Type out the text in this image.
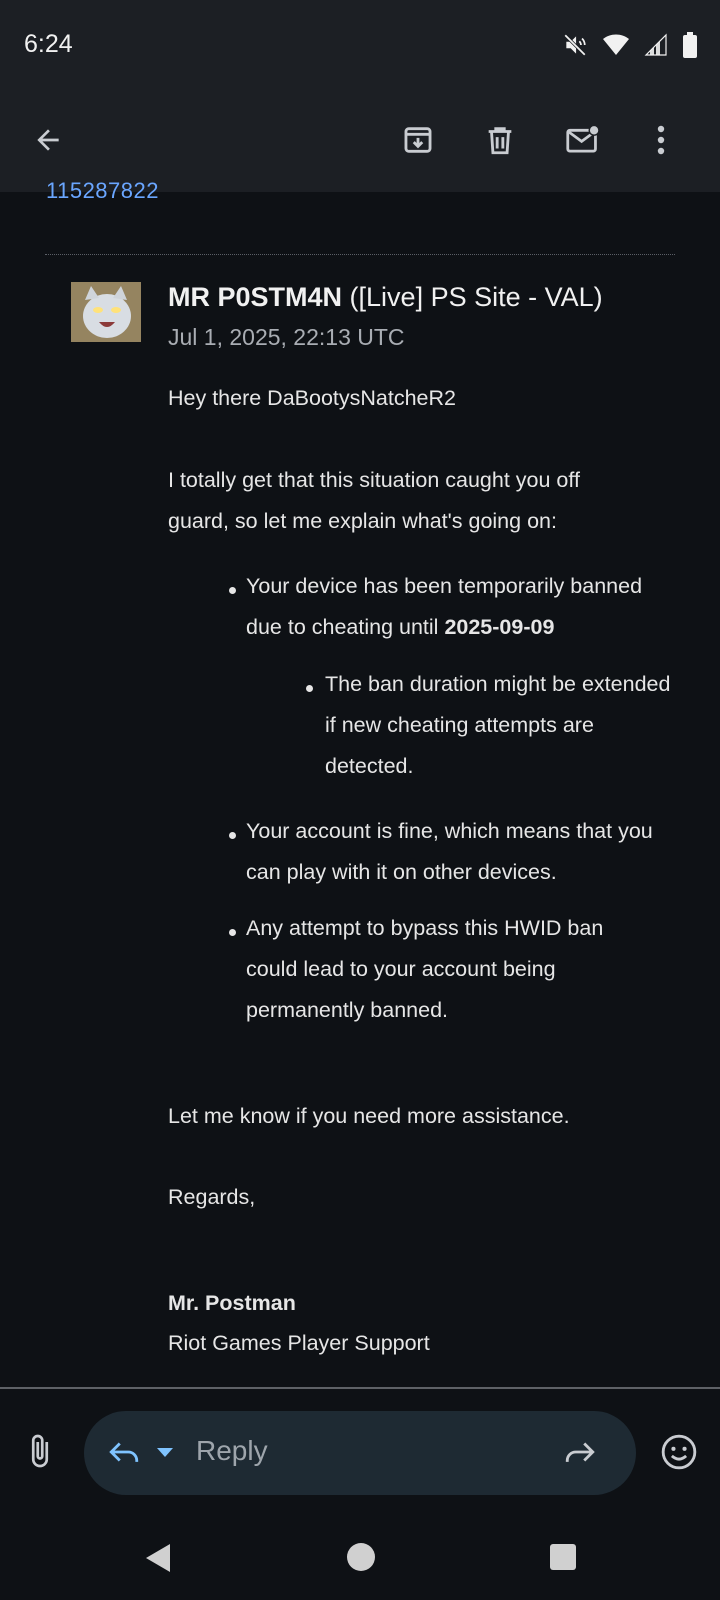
6:24
115287822
MR P0STM4N ([Live] PS Site - VAL)
Jul 1, 2025, 22:13 UTC
Hey there DaBootysNatcheR2
I totally get that this situation caught you off guard, so let me explain what's going on:
Your device has been temporarily banned due to cheating until 2025-09-09
The ban duration might be extended if new cheating attempts are detected.
Your account is fine, which means that you can play with it on other devices.
Any attempt to bypass this HWID ban could lead to your account being permanently banned.
Let me know if you need more assistance.
Regards,
Mr. Postman
Riot Games Player Support
Reply
